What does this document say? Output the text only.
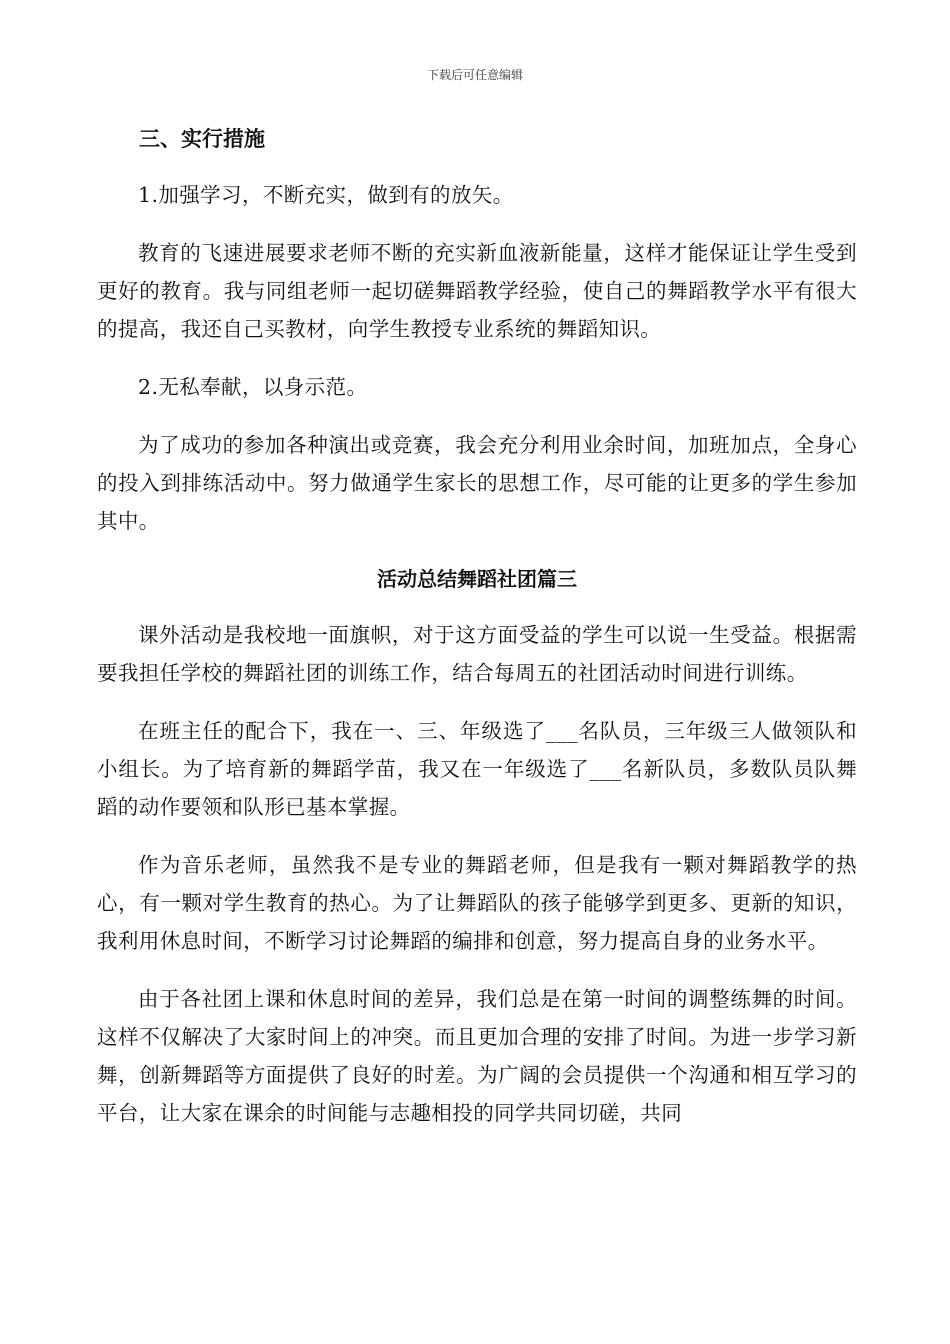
下载后可任意编辑

三、实行措施

1.加强学习，不断充实，做到有的放矢。

教育的飞速进展要求老师不断的充实新血液新能量，这样才能保证让学生受到更好的教育。我与同组老师一起切磋舞蹈教学经验，使自己的舞蹈教学水平有很大的提高，我还自己买教材，向学生教授专业系统的舞蹈知识。

2.无私奉献，以身示范。

为了成功的参加各种演出或竞赛，我会充分利用业余时间，加班加点，全身心的投入到排练活动中。努力做通学生家长的思想工作，尽可能的让更多的学生参加其中。

活动总结舞蹈社团篇三

课外活动是我校地一面旗帜，对于这方面受益的学生可以说一生受益。根据需要我担任学校的舞蹈社团的训练工作，结合每周五的社团活动时间进行训练。

在班主任的配合下，我在一、三、年级选了___名队员，三年级三人做领队和小组长。为了培育新的舞蹈学苗，我又在一年级选了___名新队员，多数队员队舞蹈的动作要领和队形已基本掌握。

作为音乐老师，虽然我不是专业的舞蹈老师，但是我有一颗对舞蹈教学的热心，有一颗对学生教育的热心。为了让舞蹈队的孩子能够学到更多、更新的知识，我利用休息时间，不断学习讨论舞蹈的编排和创意，努力提高自身的业务水平。

由于各社团上课和休息时间的差异，我们总是在第一时间的调整练舞的时间。这样不仅解决了大家时间上的冲突。而且更加合理的安排了时间。为进一步学习新舞，创新舞蹈等方面提供了良好的时差。为广阔的会员提供一个沟通和相互学习的平台，让大家在课余的时间能与志趣相投的同学共同切磋，共同
